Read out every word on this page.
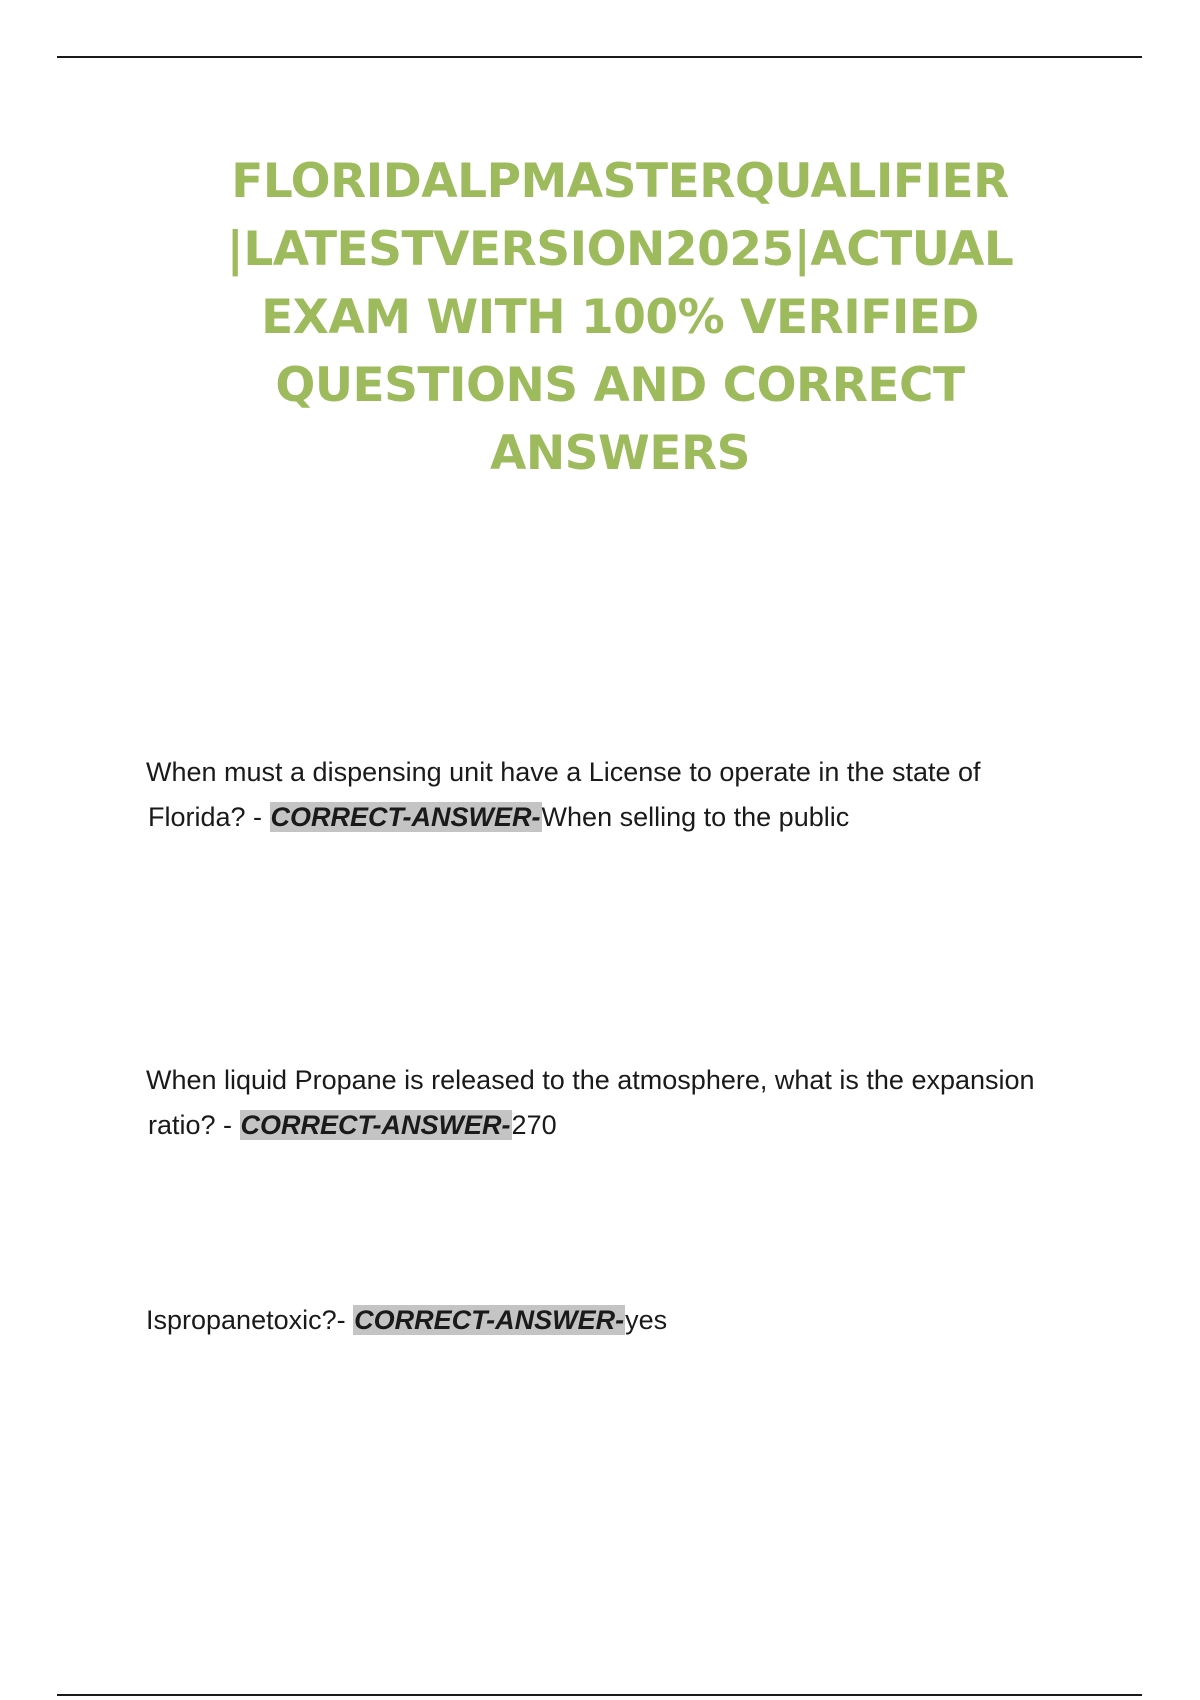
FLORIDALPMASTERQUALIFIER
|LATESTVERSION2025|ACTUAL
EXAM WITH 100% VERIFIED
QUESTIONS AND CORRECT
ANSWERS

When must a dispensing unit have a License to operate in the state of
Florida? - CORRECT-ANSWER-When selling to the public

When liquid Propane is released to the atmosphere, what is the expansion
ratio? - CORRECT-ANSWER-270

Ispropanetoxic?- CORRECT-ANSWER-yes
